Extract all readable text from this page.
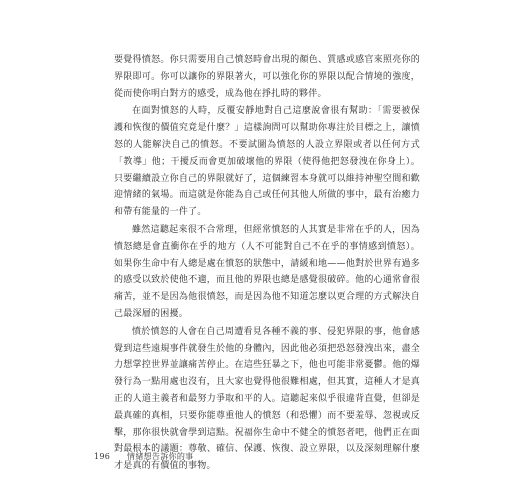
要覺得憤怒。你只需要用自己憤怒時會出現的顏色、質感或感官來照亮你的界限即可。你可以讓你的界限著火，可以強化你的界限以配合情境的強度，從而使你明白對方的感受，成為他在掙扎時的夥伴。

在面對憤怒的人時，反覆安靜地對自己這麼說會很有幫助：「需要被保護和恢復的價值究竟是什麼？」這樣詢問可以幫助你專注於目標之上，讓憤怒的人能解決自己的憤怒。不要試圖為憤怒的人設立界限或者以任何方式「教導」他；干擾反而會更加破壞他的界限（使得他把怒發洩在你身上）。只要繼續設立你自己的界限就好了，這個練習本身就可以維持神聖空間和歡迎情緒的氣場。而這就是你能為自己或任何其他人所做的事中，最有治癒力和帶有能量的一件了。

雖然這聽起來很不合常理，但經常憤怒的人其實是非常在乎的人，因為憤怒總是會直衝你在乎的地方（人不可能對自己不在乎的事情感到憤怒）。如果你生命中有人總是處在憤怒的狀態中，請緩和地——他對於世界有過多的感受以致於使他不適，而且他的界限也總是感覺很破碎。他的心通常會很痛苦，並不是因為他很憤怒，而是因為他不知道怎麼以更合理的方式解決自己最深層的困擾。

憤於憤怒的人會在自己周遭看見各種不義的事、侵犯界限的事，他會感覺到這些遠規事件就發生於他的身體內，因此他必須把恐怒發洩出來，盡全力想掌控世界並讓痛苦停止。在這些狂暴之下，他也可能非常憂鬱。他的爆發行為一點用處也沒有，且大家也覺得他很難相處，但其實，這種人才是真正的人道主義者和最努力爭取和平的人。這聽起來似乎很違背直覺，但卻是最真確的真相，只要你能尊重他人的憤怒（和恐懼）而不要羞辱、忽視或反擊，那你很快就會學到這點。祝福你生命中不健全的憤怒者吧，他們正在面對最根本的議題：尊敬、確信、保護、恢復、設立界限，以及深刻理解什麼才是真的有價值的事物。

196 情緒想告訴你的事
